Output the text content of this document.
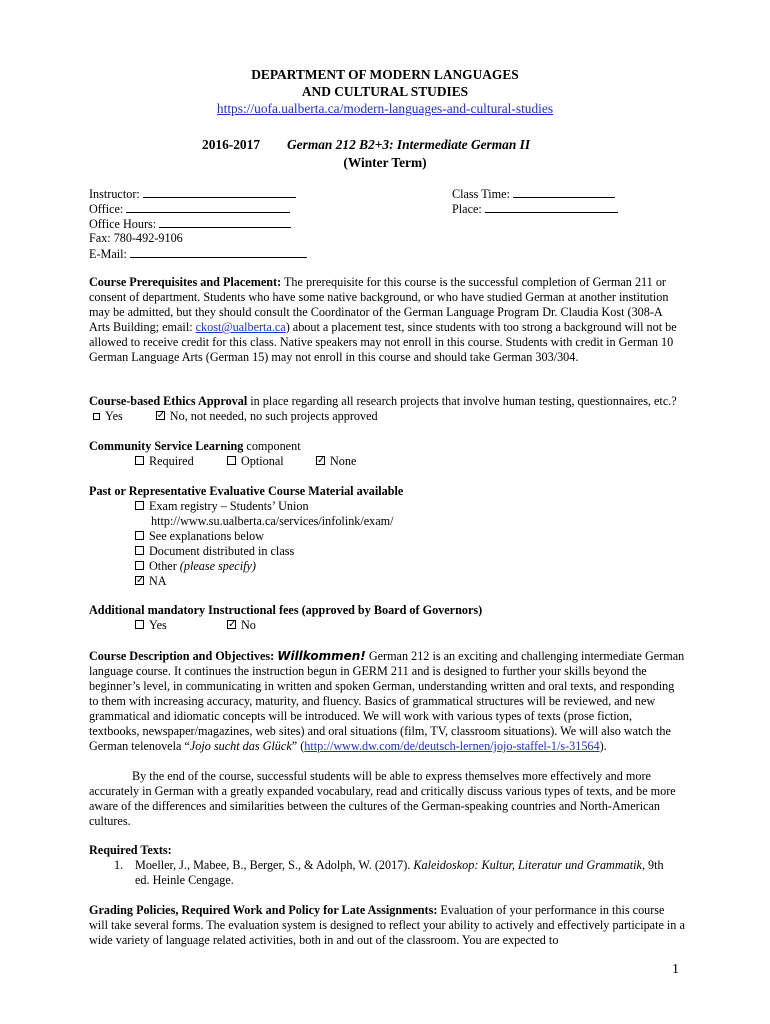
DEPARTMENT OF MODERN LANGUAGES
AND CULTURAL STUDIES
https://uofa.ualberta.ca/modern-languages-and-cultural-studies
2016-2017 German 212 B2+3: Intermediate German II
(Winter Term)
Instructor:
Office:
Office Hours:
Fax: 780-492-9106
E-Mail:
Class Time:
Place:
Course Prerequisites and Placement: The prerequisite for this course is the successful completion of German 211 or consent of department. Students who have some native background, or who have studied German at another institution may be admitted, but they should consult the Coordinator of the German Language Program Dr. Claudia Kost (308-A Arts Building; email: ckost@ualberta.ca) about a placement test, since students with too strong a background will not be allowed to receive credit for this class. Native speakers may not enroll in this course. Students with credit in German 10 German Language Arts (German 15) may not enroll in this course and should take German 303/304.
Course-based Ethics Approval in place regarding all research projects that involve human testing, questionnaires, etc.? Yes ✓	No, not needed, no such projects approved
Community Service Learning component
Required	Optional ✓	None
Past or Representative Evaluative Course Material available
Exam registry – Students’ Union
http://www.su.ualberta.ca/services/infolink/exam/
See explanations below
Document distributed in class
Other (please specify)
✓NA
Additional mandatory Instructional fees (approved by Board of Governors)
Yes ✓	No
Course Description and Objectives: Willkommen! German 212 is an exciting and challenging intermediate German language course. It continues the instruction begun in GERM 211 and is designed to further your skills beyond the beginner’s level, in communicating in written and spoken German, understanding written and oral texts, and responding to them with increasing accuracy, maturity, and fluency. Basics of grammatical structures will be reviewed, and new grammatical and idiomatic concepts will be introduced. We will work with various types of texts (prose fiction, textbooks, newspaper/magazines, web sites) and oral situations (film, TV, classroom situations). We will also watch the German telenovela “Jojo sucht das Glück” (http://www.dw.com/de/deutsch-lernen/jojo-staffel-1/s-31564).
By the end of the course, successful students will be able to express themselves more effectively and more accurately in German with a greatly expanded vocabulary, read and critically discuss various types of texts, and be more aware of the differences and similarities between the cultures of the German-speaking countries and North-American cultures.
Required Texts:
1. Moeller, J., Mabee, B., Berger, S., & Adolph, W. (2017). Kaleidoskop: Kultur, Literatur und Grammatik, 9th ed. Heinle Cengage.
Grading Policies, Required Work and Policy for Late Assignments: Evaluation of your performance in this course will take several forms. The evaluation system is designed to reflect your ability to actively and effectively participate in a wide variety of language related activities, both in and out of the classroom. You are expected to
1
